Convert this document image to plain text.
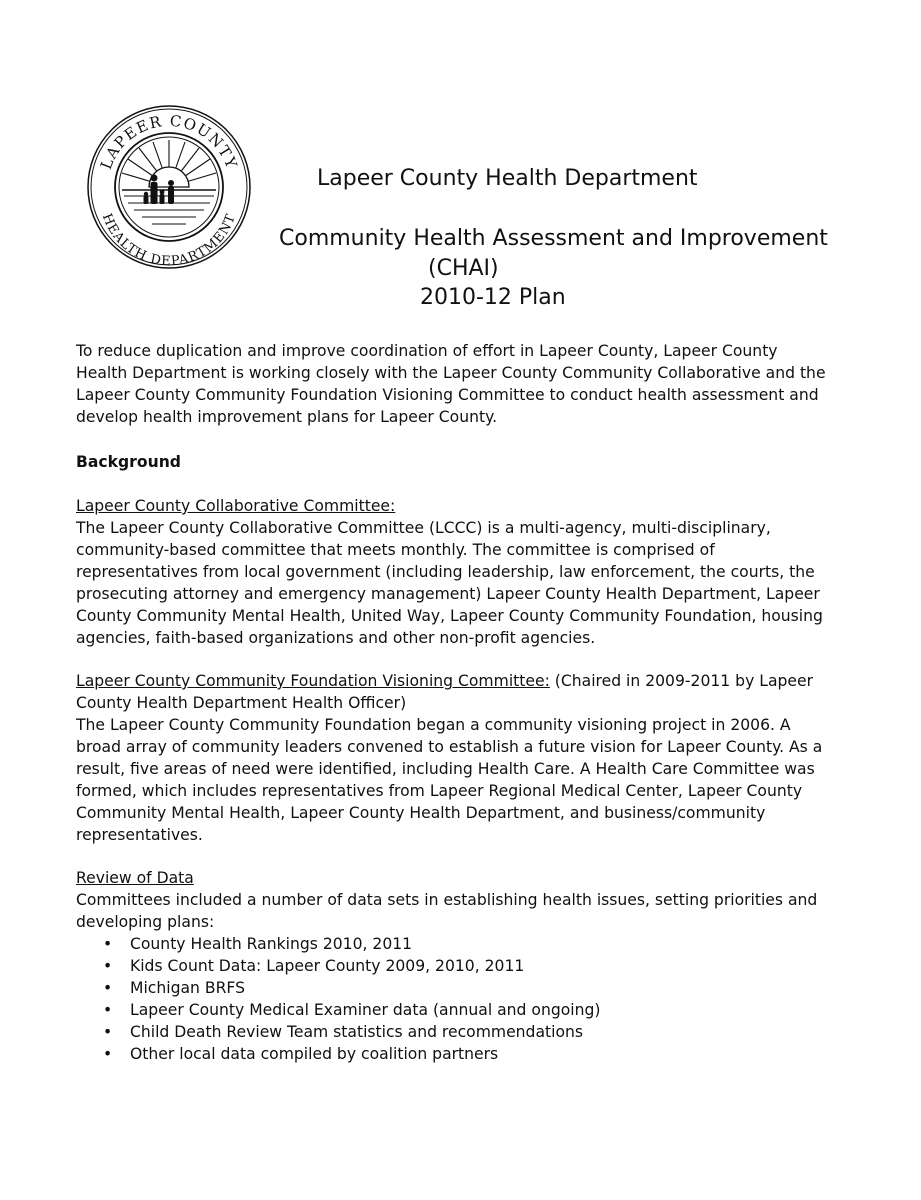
LAPEER COUNTY
HEALTH DEPARTMENT
Lapeer County Health Department
Community Health Assessment and Improvement
(CHAI)
2010-12 Plan

To reduce duplication and improve coordination of effort in Lapeer County, Lapeer County

Health Department is working closely with the Lapeer County Community Collaborative and the

Lapeer County Community Foundation Visioning Committee to conduct health assessment and

develop health improvement plans for Lapeer County.

Background

Lapeer County Collaborative Committee:

The Lapeer County Collaborative Committee (LCCC) is a multi-agency, multi-disciplinary,

community-based committee that meets monthly. The committee is comprised of

representatives from local government (including leadership, law enforcement, the courts, the

prosecuting attorney and emergency management) Lapeer County Health Department, Lapeer

County Community Mental Health, United Way, Lapeer County Community Foundation, housing

agencies, faith-based organizations and other non-profit agencies.

Lapeer County Community Foundation Visioning Committee: (Chaired in 2009-2011 by Lapeer

County Health Department Health Officer)

The Lapeer County Community Foundation began a community visioning project in 2006. A

broad array of community leaders convened to establish a future vision for Lapeer County. As a

result, five areas of need were identified, including Health Care. A Health Care Committee was

formed, which includes representatives from Lapeer Regional Medical Center, Lapeer County

Community Mental Health, Lapeer County Health Department, and business/community

representatives.

Review of Data

Committees included a number of data sets in establishing health issues, setting priorities and

developing plans:

• County Health Rankings 2010, 2011
• Kids Count Data: Lapeer County 2009, 2010, 2011
• Michigan BRFS
• Lapeer County Medical Examiner data (annual and ongoing)
• Child Death Review Team statistics and recommendations
• Other local data compiled by coalition partners
